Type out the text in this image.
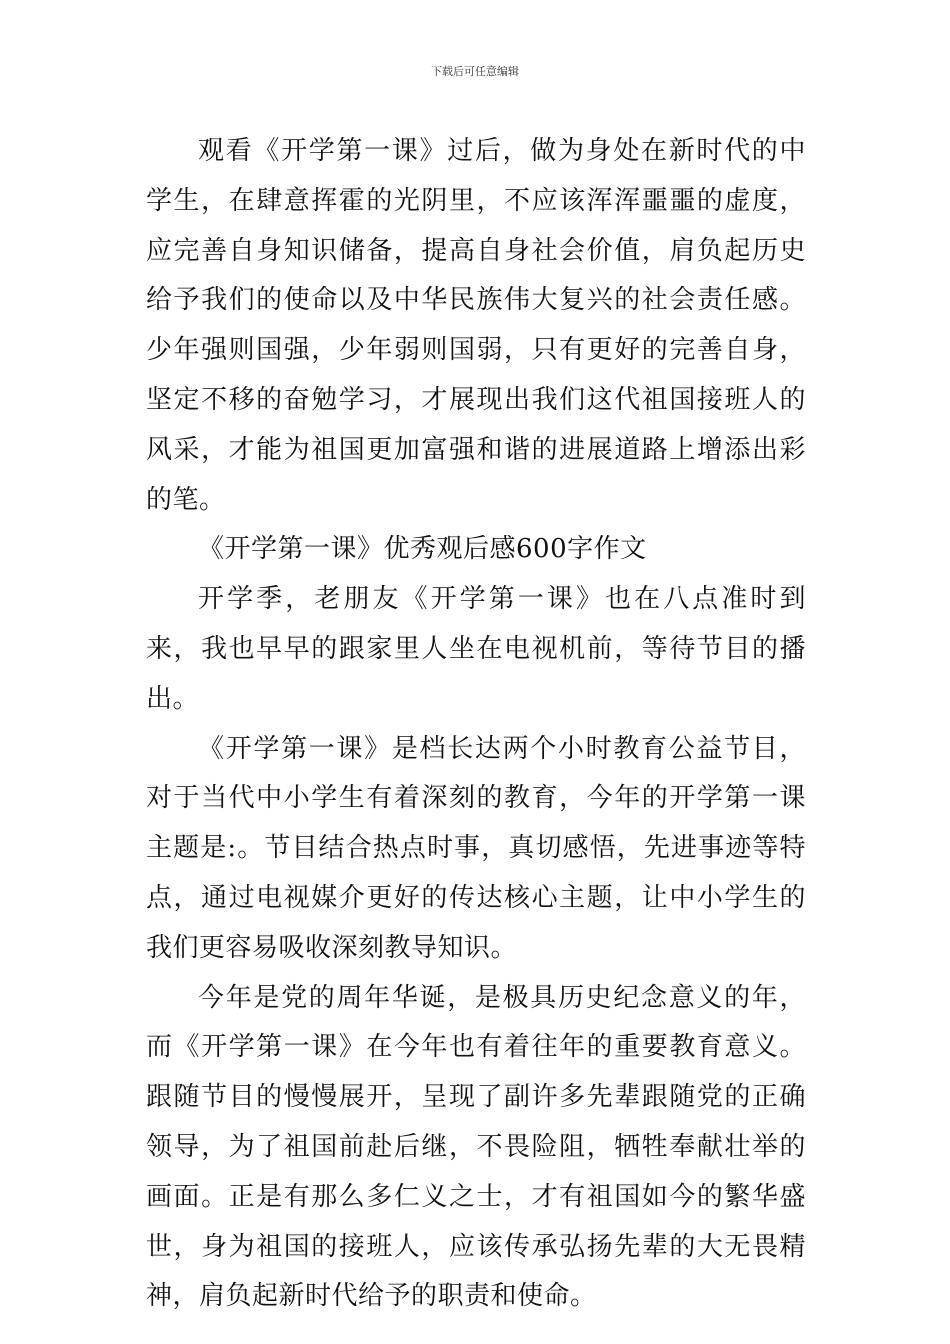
下载后可任意编辑

观看《开学第一课》过后，做为身处在新时代的中学生，在肆意挥霍的光阴里，不应该浑浑噩噩的虚度，应完善自身知识储备，提高自身社会价值，肩负起历史给予我们的使命以及中华民族伟大复兴的社会责任感。少年强则国强，少年弱则国弱，只有更好的完善自身，坚定不移的奋勉学习，才展现出我们这代祖国接班人的风采，才能为祖国更加富强和谐的进展道路上增添出彩的笔。

《开学第一课》优秀观后感600字作文

开学季，老朋友《开学第一课》也在八点准时到来，我也早早的跟家里人坐在电视机前，等待节目的播出。

《开学第一课》是档长达两个小时教育公益节目，对于当代中小学生有着深刻的教育，今年的开学第一课主题是:。节目结合热点时事，真切感悟，先进事迹等特点，通过电视媒介更好的传达核心主题，让中小学生的我们更容易吸收深刻教导知识。

今年是党的周年华诞，是极具历史纪念意义的年，而《开学第一课》在今年也有着往年的重要教育意义。跟随节目的慢慢展开，呈现了副许多先辈跟随党的正确领导，为了祖国前赴后继，不畏险阻，牺牲奉献壮举的画面。正是有那么多仁义之士，才有祖国如今的繁华盛世，身为祖国的接班人，应该传承弘扬先辈的大无畏精神，肩负起新时代给予的职责和使命。
